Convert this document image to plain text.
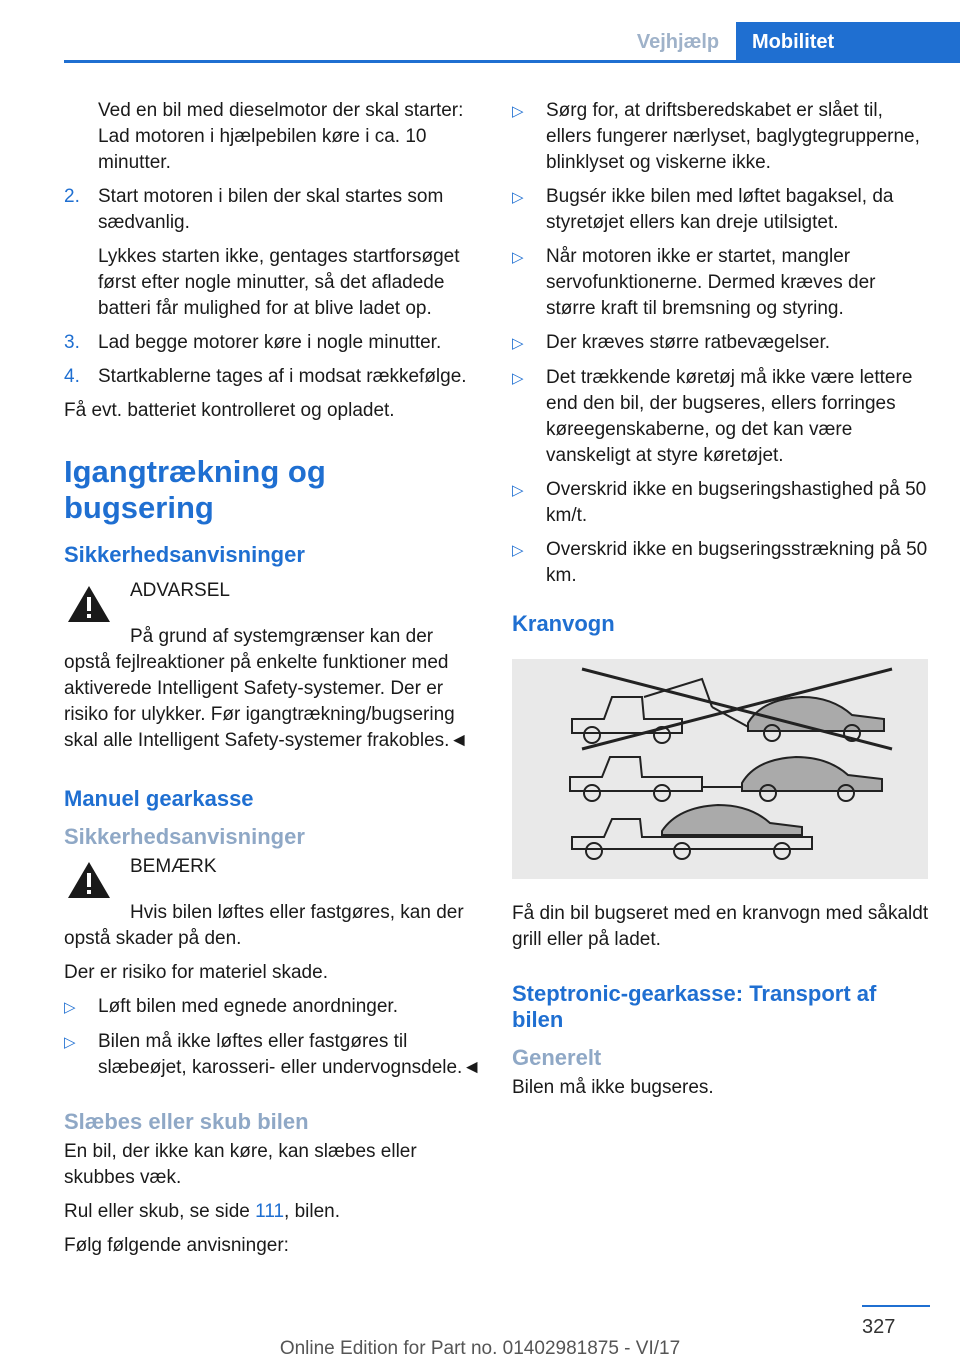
Vejhjælp	Mobilitet

Ved en bil med dieselmotor der skal starter: Lad motoren i hjælpebilen køre i ca. 10 minutter.

2. Start motoren i bilen der skal startes som sædvanlig.

Lykkes starten ikke, gentages startforsøget først efter nogle minutter, så det afladede batteri får mulighed for at blive ladet op.

3. Lad begge motorer køre i nogle minutter.
4. Startkablerne tages af i modsat rækkefølge.

Få evt. batteriet kontrolleret og opladet.

Igangtrækning og bugsering
Sikkerhedsanvisninger
ADVARSEL

På grund af systemgrænser kan der opstå fejlreaktioner på enkelte funktioner med aktiverede Intelligent Safety-systemer. Der er risiko for ulykker. Før igangtrækning/bugsering skal alle Intelligent Safety-systemer frakobles.◄

Manuel gearkasse
Sikkerhedsanvisninger
BEMÆRK

Hvis bilen løftes eller fastgøres, kan der opstå skader på den.

Der er risiko for materiel skade.

▷	Løft bilen med egnede anordninger.
▷	Bilen må ikke løftes eller fastgøres til slæbeøjet, karosseri- eller undervognsdele.◄
Slæbes eller skub bilen

En bil, der ikke kan køre, kan slæbes eller skubbes væk.

Rul eller skub, se side 111, bilen.

Følg følgende anvisninger:

▷	Sørg for, at driftsberedskabet er slået til, ellers fungerer nærlyset, baglygtegrupperne, blinklyset og viskerne ikke.
▷	Bugsér ikke bilen med løftet bagaksel, da styretøjet ellers kan dreje utilsigtet.
▷	Når motoren ikke er startet, mangler servofunktionerne. Dermed kræves der større kraft til bremsning og styring.
▷	Der kræves større ratbevægelser.
▷	Det trækkende køretøj må ikke være lettere end den bil, der bugseres, ellers forringes køreegenskaberne, og det kan være vanskeligt at styre køretøjet.
▷	Overskrid ikke en bugseringshastighed på 50 km/t.
▷	Overskrid ikke en bugseringsstrækning på 50 km.
Kranvogn

Få din bil bugseret med en kranvogn med såkaldt grill eller på ladet.

Steptronic-gearkasse: Transport af bilen
Generelt

Bilen må ikke bugseres.

327
Online Edition for Part no. 01402981875 - VI/17
